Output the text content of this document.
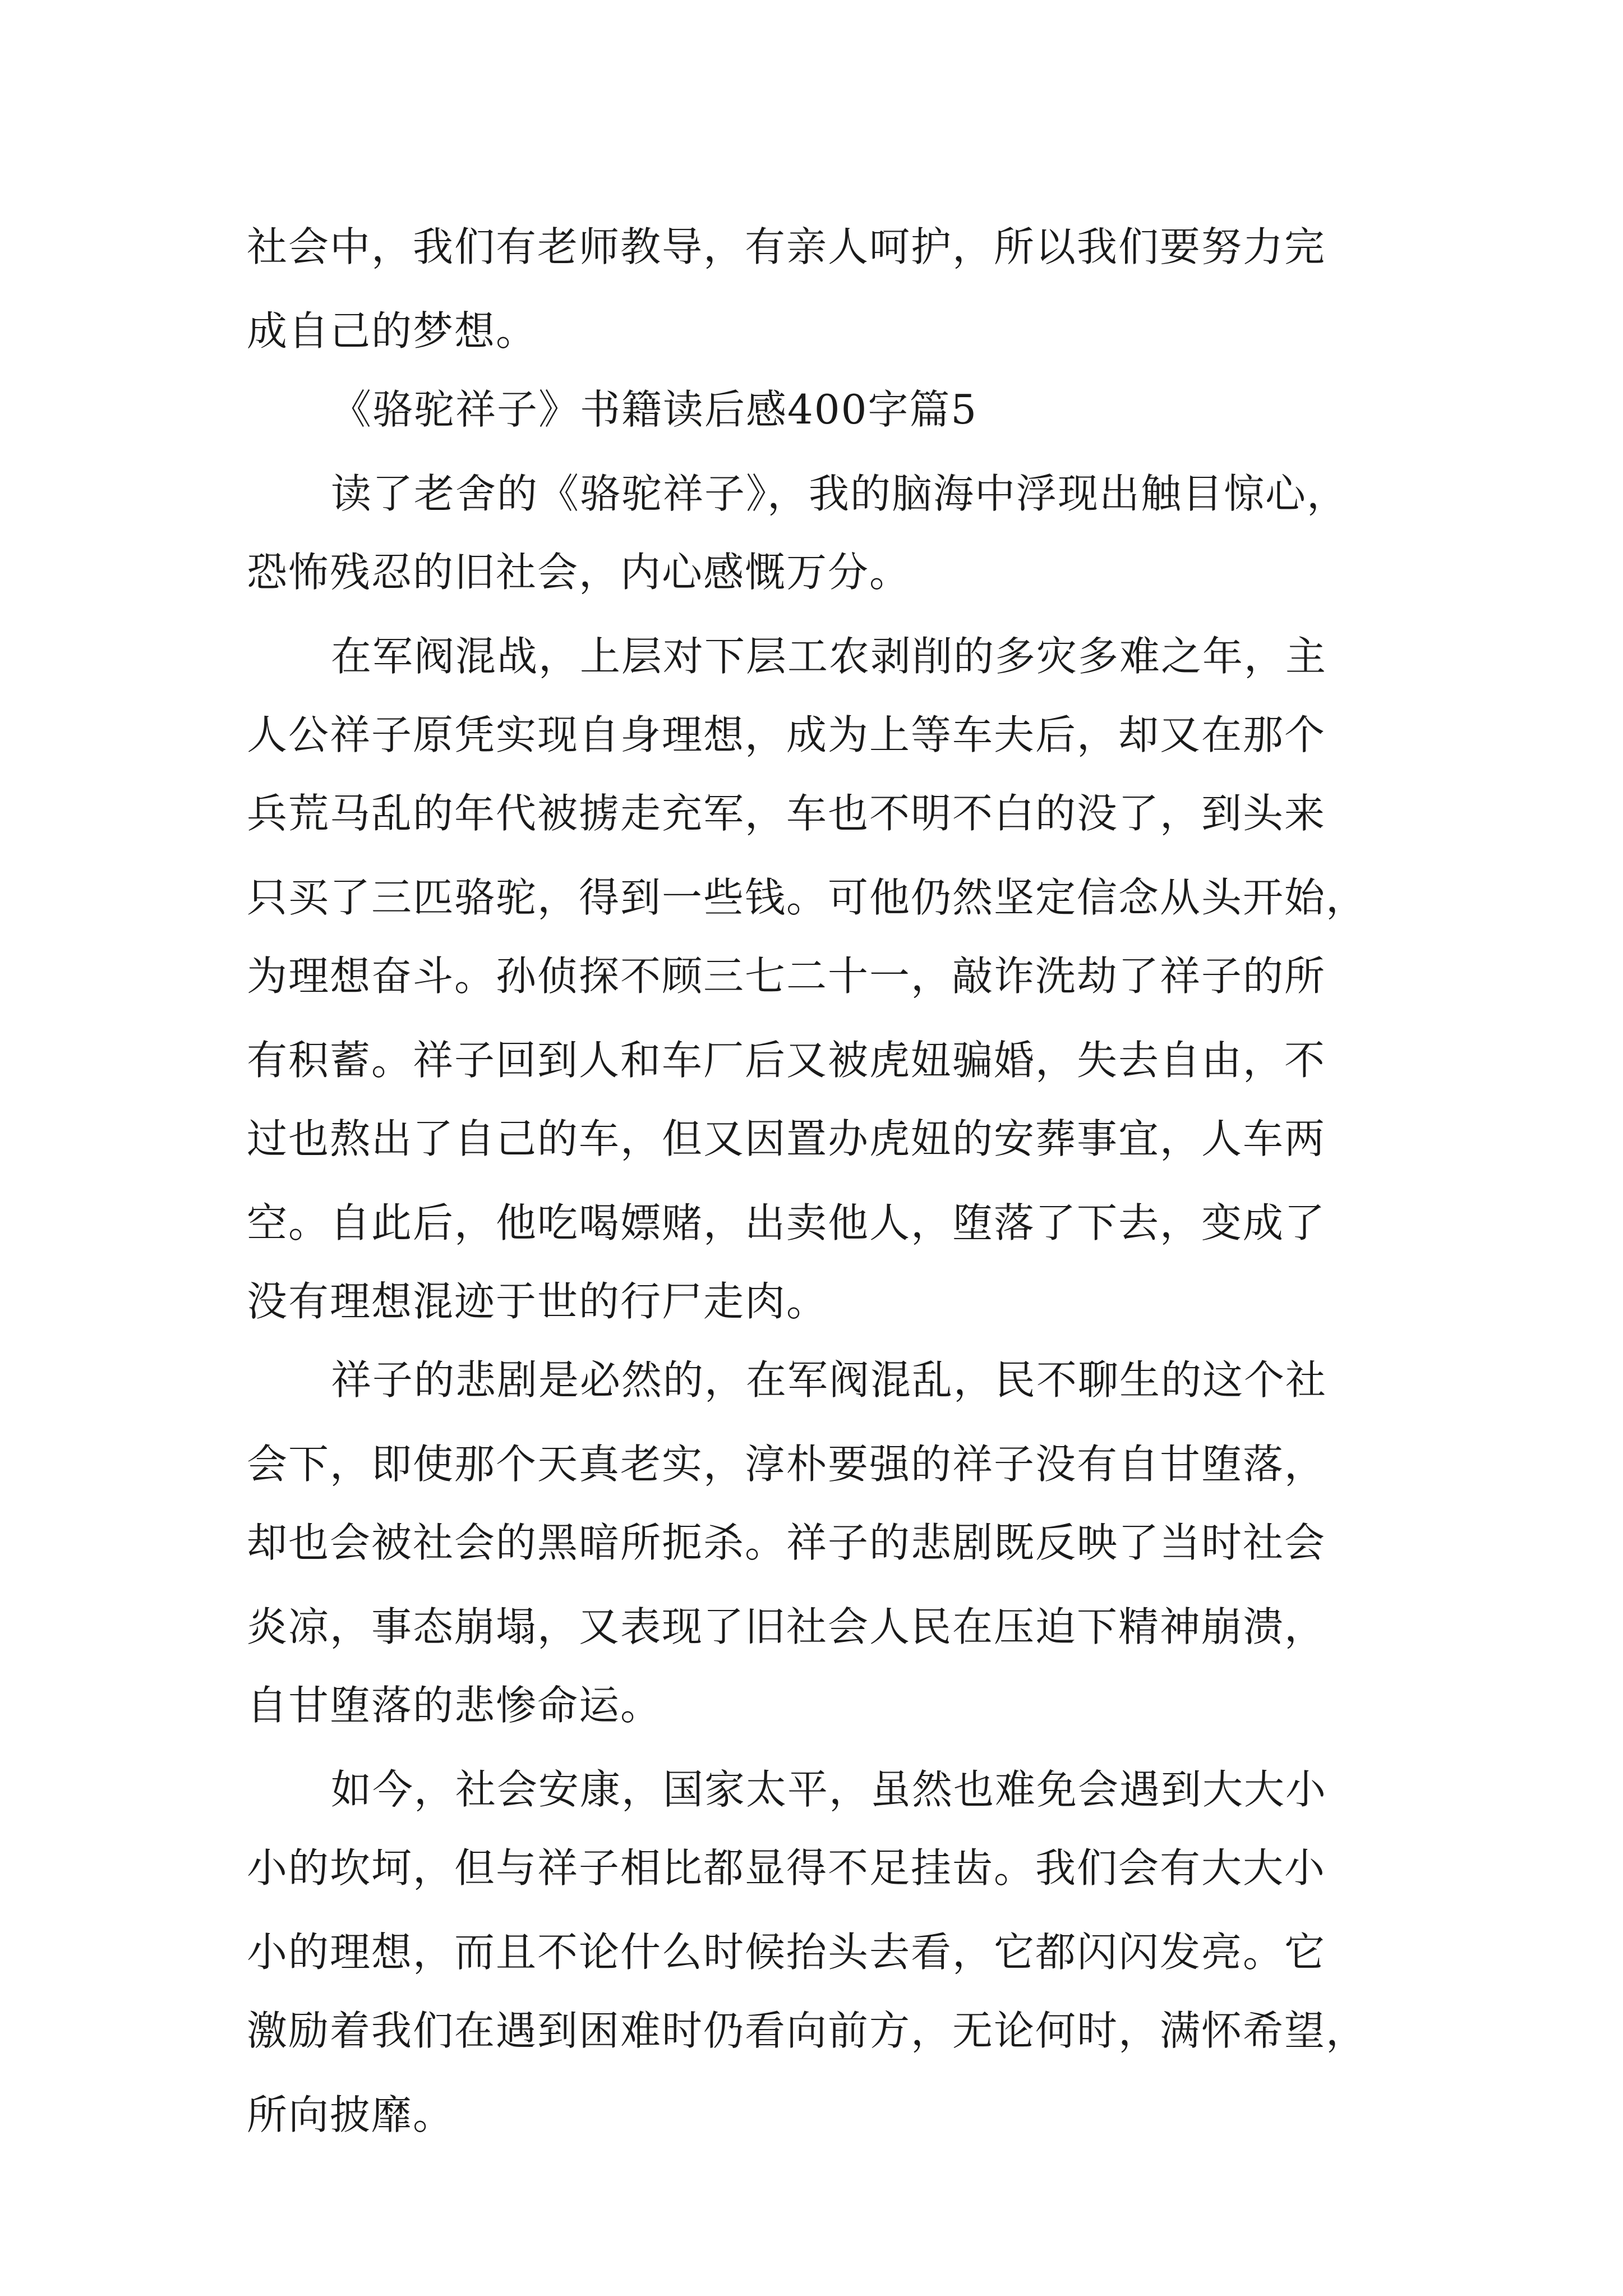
社会中，我们有老师教导，有亲人呵护，所以我们要努力完
成自己的梦想。
《骆驼祥子》书籍读后感400字篇5
读了老舍的《骆驼祥子》，我的脑海中浮现出触目惊心，
恐怖残忍的旧社会，内心感慨万分。
在军阀混战，上层对下层工农剥削的多灾多难之年，主
人公祥子原凭实现自身理想，成为上等车夫后，却又在那个
兵荒马乱的年代被掳走充军，车也不明不白的没了，到头来
只买了三匹骆驼，得到一些钱。可他仍然坚定信念从头开始，
为理想奋斗。孙侦探不顾三七二十一，敲诈洗劫了祥子的所
有积蓄。祥子回到人和车厂后又被虎妞骗婚，失去自由，不
过也熬出了自己的车，但又因置办虎妞的安葬事宜，人车两
空。自此后，他吃喝嫖赌，出卖他人，堕落了下去，变成了
没有理想混迹于世的行尸走肉。
祥子的悲剧是必然的，在军阀混乱，民不聊生的这个社
会下，即使那个天真老实，淳朴要强的祥子没有自甘堕落，
却也会被社会的黑暗所扼杀。祥子的悲剧既反映了当时社会
炎凉，事态崩塌，又表现了旧社会人民在压迫下精神崩溃，
自甘堕落的悲惨命运。
如今，社会安康，国家太平，虽然也难免会遇到大大小
小的坎坷，但与祥子相比都显得不足挂齿。我们会有大大小
小的理想，而且不论什么时候抬头去看，它都闪闪发亮。它
激励着我们在遇到困难时仍看向前方，无论何时，满怀希望，
所向披靡。
